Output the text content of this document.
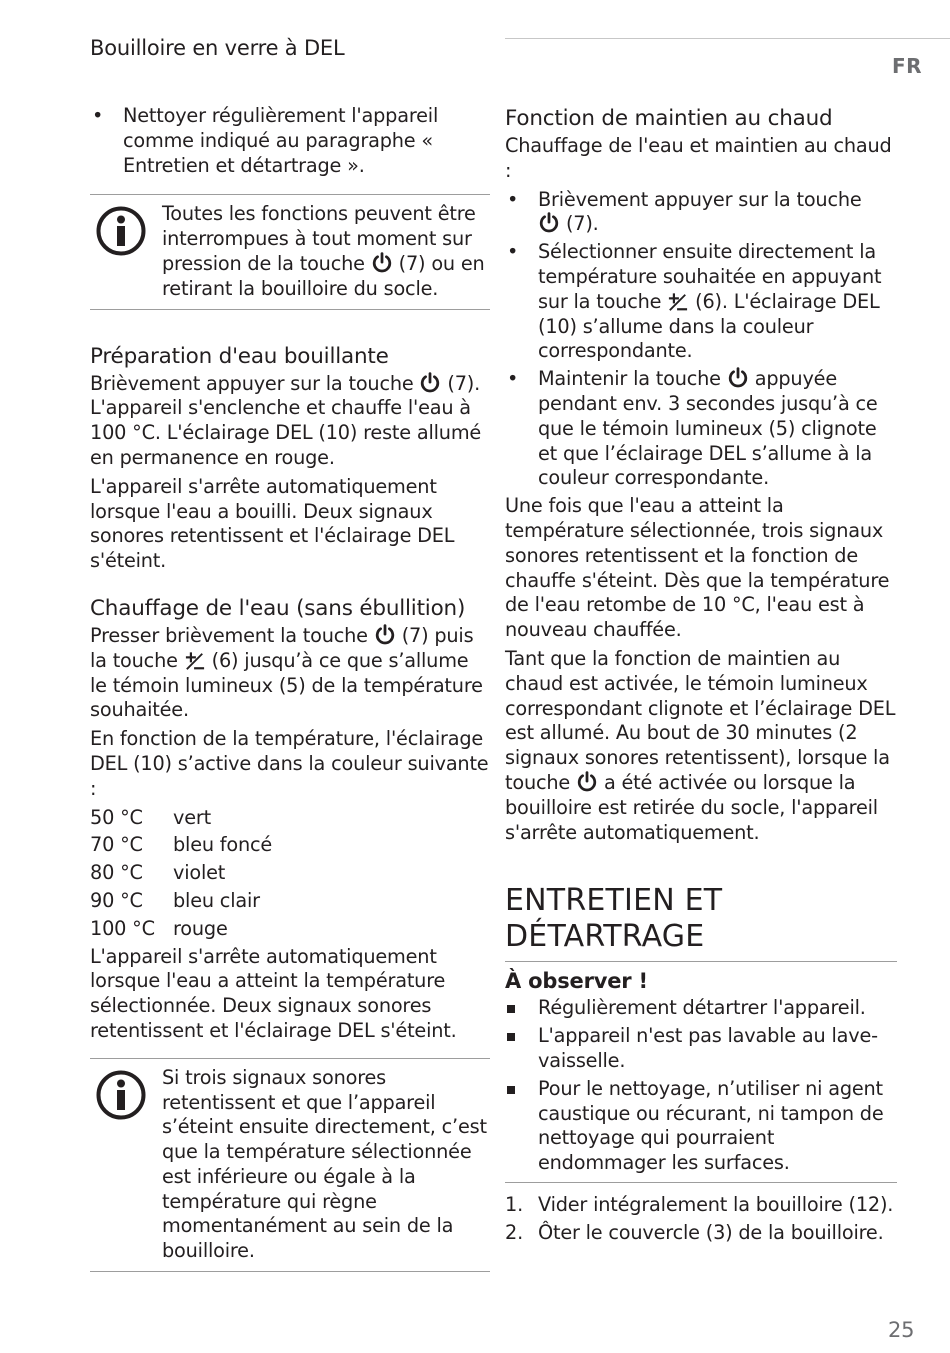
Bouilloire en verre à DEL
FR
Nettoyer régulièrement l'appareil comme indiqué au paragraphe « Entretien et détartrage ».
Toutes les fonctions peuvent être interrompues à tout moment sur pression de la touche (7) ou en retirant la bouilloire du socle.
Préparation d'eau bouillante

Brièvement appuyer sur la touche (7). L'appareil s'enclenche et chauffe l'eau à 100 °C. L'éclairage DEL (10) reste allumé en permanence en rouge.

L'appareil s'arrête automatiquement lorsque l'eau a bouilli. Deux signaux sonores retentissent et l'éclairage DEL s'éteint.

Chauffage de l'eau (sans ébullition)

Presser brièvement la touche (7) puis la touche (6) jusqu’à ce que s’allume le témoin lumineux (5) de la température souhaitée.

En fonction de la température, l'éclairage DEL (10) s’active dans la couleur suivante :

50 °C	vert
70 °C	bleu foncé
80 °C	violet
90 °C	bleu clair
100 °C rouge

L'appareil s'arrête automatiquement lorsque l'eau a atteint la température sélectionnée. Deux signaux sonores retentissent et l'éclairage DEL s'éteint.

Si trois signaux sonores retentissent et que l’appareil s’éteint ensuite directement, c’est que la température sélectionnée est inférieure ou égale à la température qui règne momentanément au sein de la bouilloire.
Fonction de maintien au chaud

Chauffage de l'eau et maintien au chaud :

Brièvement appuyer sur la touche
(7).
Sélectionner ensuite directement la température souhaitée en appuyant sur la touche (6). L'éclairage DEL (10) s’allume dans la couleur correspondante.
Maintenir la touche appuyée pendant env. 3 secondes jusqu’à ce que le témoin lumineux (5) clignote et que l’éclairage DEL s’allume à la couleur correspondante.

Une fois que l'eau a atteint la température sélectionnée, trois signaux sonores retentissent et la fonction de chauffe s'éteint. Dès que la température de l'eau retombe de 10 °C, l'eau est à nouveau chauffée.

Tant que la fonction de maintien au chaud est activée, le témoin lumineux correspondant clignote et l’éclairage DEL est allumé. Au bout de 30 minutes (2 signaux sonores retentissent), lorsque la touche a été activée ou lorsque la bouilloire est retirée du socle, l'appareil s'arrête automatiquement.

ENTRETIEN ET
DÉTARTRAGE
À observer !
Régulièrement détartrer l'appareil.
L'appareil n'est pas lavable au lave-vaisselle.
Pour le nettoyage, n’utiliser ni agent caustique ou récurant, ni tampon de nettoyage qui pourraient endommager les surfaces.
1. Vider intégralement la bouilloire (12).
2. Ôter le couvercle (3) de la bouilloire.
25
